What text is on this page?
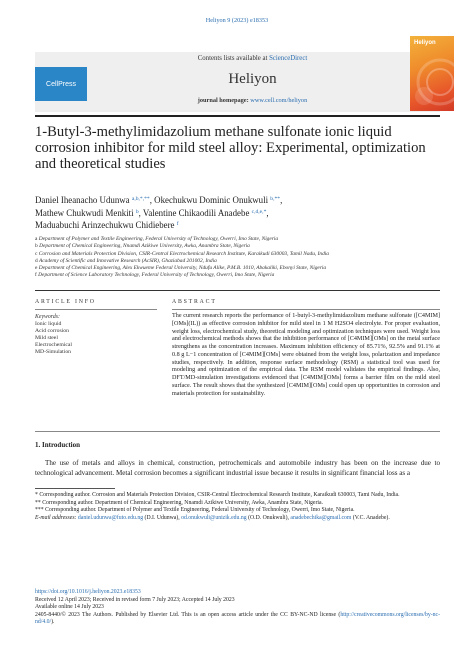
Heliyon 9 (2023) e18353
CellPress
Contents lists available at ScienceDirect
Heliyon
journal homepage: www.cell.com/heliyon
Heliyon
1-Butyl-3-methylimidazolium methane sulfonate ionic liquid corrosion inhibitor for mild steel alloy: Experimental, optimization and theoretical studies
Daniel Iheanacho Udunwa $^{a,b,*,**}$, Okechukwu Dominic Onukwuli $^{b,**}$,
Mathew Chukwudi Menkiti $^b$, Valentine Chikaodili Anadebe $^{c,d,e,*}$,
Maduabuchi Arinzechukwu Chidiebere $^f$
a Department of Polymer and Textile Engineering, Federal University of Technology, Owerri, Imo State, Nigeria
b Department of Chemical Engineering, Nnamdi Azikiwe University, Awka, Anambra State, Nigeria
c Corrosion and Materials Protection Division, CSIR-Central Electrochemical Research Institute, Karaikudi 630003, Tamil Nadu, India
d Academy of Scientific and Innovative Research (AcSIR), Ghaziabad 201002, India
e Department of Chemical Engineering, Alex Ekwueme Federal University, Ndufu Alike, P.M.B. 1010, Abakaliki, Ebonyi State, Nigeria
f Department of Science Laboratory Technology, Federal University of Technology, Owerri, Imo State, Nigeria
ARTICLE INFO	ABSTRACT
Keywords:
Ionic liquid
Acid corrosion
Mild steel
Electrochemical
MD-Simulation
The current research reports the performance of 1-butyl-3-methylimidazolium methane sulfonate ([C4MIM][OMs](IL)) as effective corrosion inhibitor for mild steel in 1 M H2SO4 electrolyte. For proper evaluation, weight loss, electrochemical study, theoretical modeling and optimization techniques were used. Weight loss and electrochemical methods shows that the inhibition performance of [C4MIM][OMs] on the metal surface strengthens as the concentration increases. Maximum inhibition efficiency of 85.71%, 92.5% and 91.1% at 0.8 g L−1 concentration of [C4MIM][OMs] were obtained from the weight loss, polarization and impedance studies, respectively. In addition, response surface methodology (RSM) a statistical tool was used for modeling and optimization of the empirical data. The RSM model validates the empirical findings. Also, DFT/MD-simulation investigations evidenced that [C4MIM][OMs] forms a barrier film on the mild steel surface. The result shows that the synthesized [C4MIM][OMs] could open up opportunities in corrosion and materials protection for sustainability.
1. Introduction
The use of metals and alloys in chemical, construction, petrochemicals and automobile industry has been on the increase due to technological advancement. Metal corrosion becomes a significant industrial issue because it results in significant financial loss as a
* Corresponding author. Corrosion and Materials Protection Division, CSIR-Central Electrochemical Research Institute, Karaikudi 630003, Tami Nadu, India.
** Corresponding author. Department of Chemical Engineering, Nnamdi Azikiwe University, Awka, Anambra State, Nigeria.
*** Corresponding author. Department of Polymer and Textile Engineering, Federal University of Technology, Owerri, Imo State, Nigeria.
E-mail addresses: daniel.udunwa@futo.edu.ng (D.I. Udunwa), od.onukwuli@unizik.edu.ng (O.D. Onukwuli), anadebechika@gmail.com (V.C. Anadebe).
https://doi.org/10.1016/j.heliyon.2023.e18353
Received 12 April 2023; Received in revised form 7 July 2023; Accepted 14 July 2023
Available online 14 July 2023
2405-8440/© 2023 The Authors. Published by Elsevier Ltd. This is an open access article under the CC BY-NC-ND license (http://creativecommons.org/licenses/by-nc-nd/4.0/).
